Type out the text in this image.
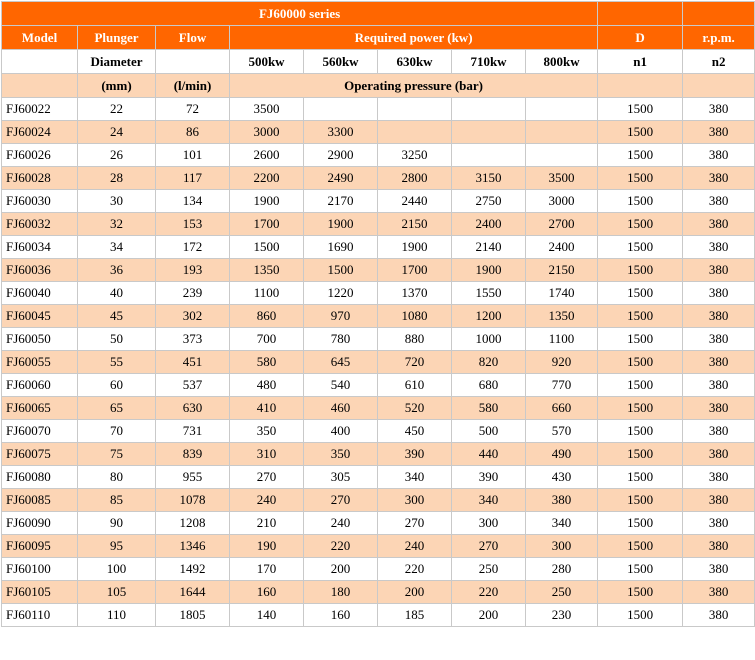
FJ60000 series									
Model	Plunger	Flow	Required power (kw)					D	r.p.m.
	Diameter		500kw	560kw	630kw	710kw	800kw	n1	n2
	(mm)	(l/min)	Operating pressure (bar)						
FJ60022	22	72	3500					1500	380
FJ60024	24	86	3000	3300				1500	380
FJ60026	26	101	2600	2900	3250			1500	380
FJ60028	28	117	2200	2490	2800	3150	3500	1500	380
FJ60030	30	134	1900	2170	2440	2750	3000	1500	380
FJ60032	32	153	1700	1900	2150	2400	2700	1500	380
FJ60034	34	172	1500	1690	1900	2140	2400	1500	380
FJ60036	36	193	1350	1500	1700	1900	2150	1500	380
FJ60040	40	239	1100	1220	1370	1550	1740	1500	380
FJ60045	45	302	860	970	1080	1200	1350	1500	380
FJ60050	50	373	700	780	880	1000	1100	1500	380
FJ60055	55	451	580	645	720	820	920	1500	380
FJ60060	60	537	480	540	610	680	770	1500	380
FJ60065	65	630	410	460	520	580	660	1500	380
FJ60070	70	731	350	400	450	500	570	1500	380
FJ60075	75	839	310	350	390	440	490	1500	380
FJ60080	80	955	270	305	340	390	430	1500	380
FJ60085	85	1078	240	270	300	340	380	1500	380
FJ60090	90	1208	210	240	270	300	340	1500	380
FJ60095	95	1346	190	220	240	270	300	1500	380
FJ60100	100	1492	170	200	220	250	280	1500	380
FJ60105	105	1644	160	180	200	220	250	1500	380
FJ60110	110	1805	140	160	185	200	230	1500	380
